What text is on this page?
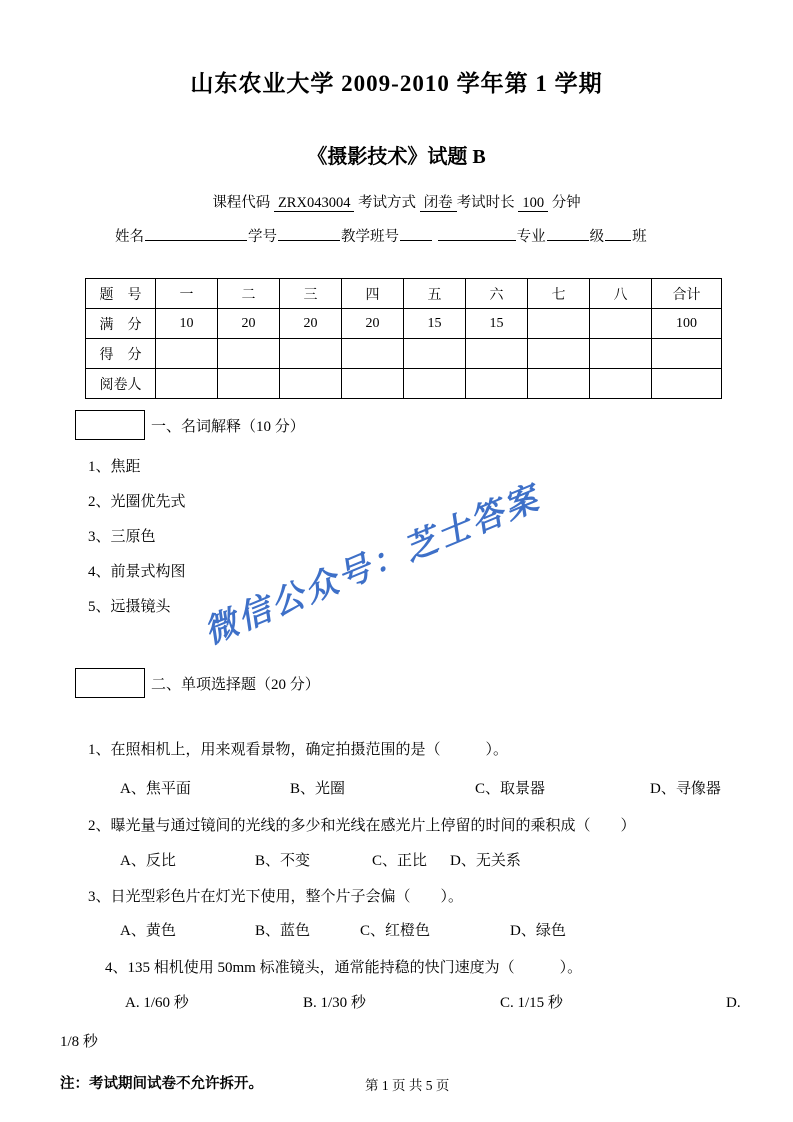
山东农业大学 2009-2010 学年第 1 学期
《摄影技术》试题 B
课程代码 ZRX043004 考试方式 闭卷 考试时长 100 分钟
姓名	学号	教学班号	专业	级 班
题　号	一	二	三	四	五	六	七	八	合计
满　分	10	20	20	20	15	15			100
得　分									
阅卷人									
一、名词解释（10 分）
1、焦距
2、光圈优先式
3、三原色
4、前景式构图
5、远摄镜头 微信公众号：芝士答案
二、单项选择题（20 分）
1、在照相机上，用来观看景物，确定拍摄范围的是（　　　）。
A、焦平面	B、光圈	C、取景器	D、寻像器
2、曝光量与通过镜间的光线的多少和光线在感光片上停留的时间的乘积成（　　）
A、反比	B、不变	C、正比 D、无关系
3、日光型彩色片在灯光下使用，整个片子会偏（　　）。
A、黄色	B、蓝色	C、红橙色	D、绿色
4、135 相机使用 50mm 标准镜头，通常能持稳的快门速度为（　　　）。
A. 1/60 秒	B. 1/30 秒	C. 1/15 秒	D.
1/8 秒
注：考试期间试卷不允许拆开。	第 1 页 共 5 页
